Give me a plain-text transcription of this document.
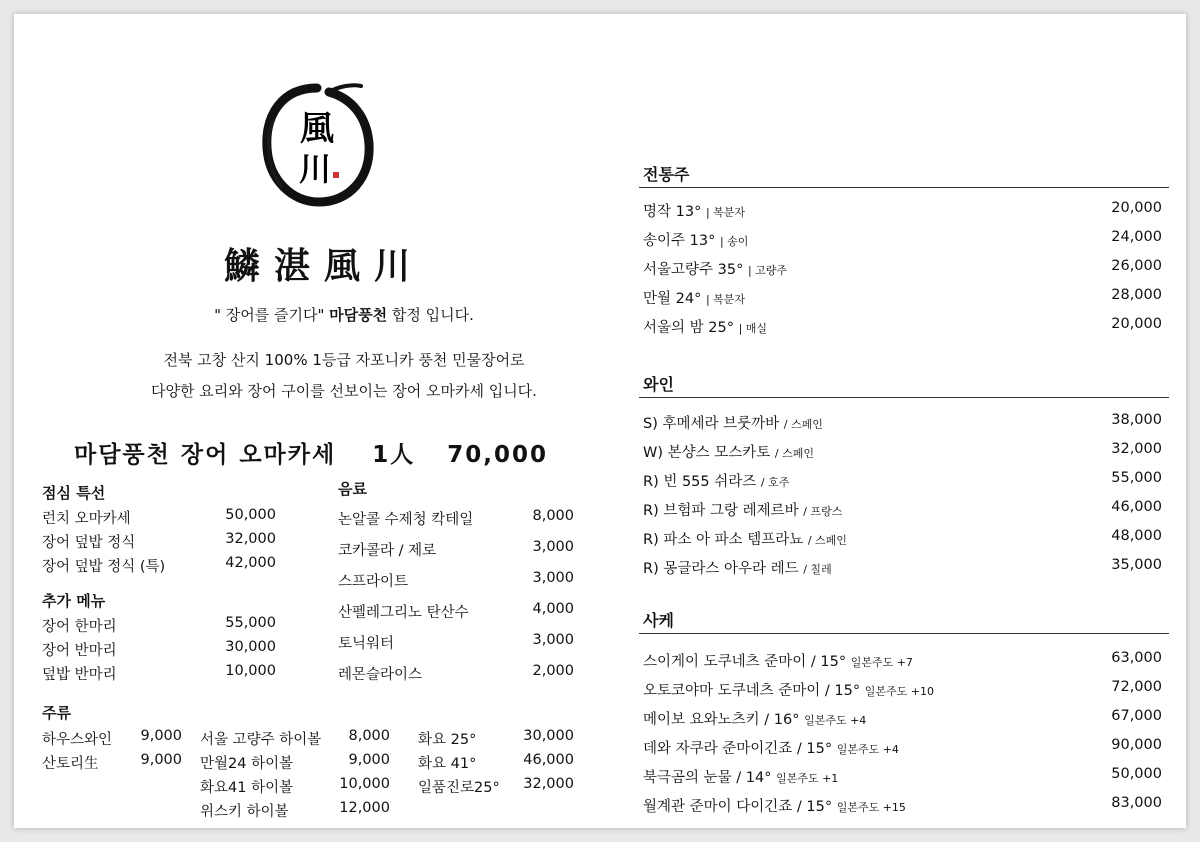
風
川
鱗湛風川
" 장어를 즐기다" 마담풍천 합정 입니다.
전북 고창 산지 100% 1등급 자포니카 풍천 민물장어로
다양한 요리와 장어 구이를 선보이는 장어 오마카세 입니다.
마담풍천 장어 오마카세 1人 70,000
점심 특선
런치 오마카세	50,000
장어 덮밥 정식	32,000
장어 덮밥 정식 (특)	42,000
추가 메뉴
장어 한마리	55,000
장어 반마리	30,000
덮밥 반마리	10,000
음료
논알콜 수제청 칵테일	8,000
코카콜라 / 제로	3,000
스프라이트	3,000
산펠레그리노 탄산수	4,000
토닉워터	3,000
레몬슬라이스	2,000
주류
하우스와인	9,000
산토리生	9,000
서울 고량주 하이볼	8,000
만월24 하이볼	9,000
화요41 하이볼	10,000
위스키 하이볼	12,000
화요 25°	30,000
화요 41°	46,000
일품진로25°	32,000
전통주
명작 13° | 복분자	20,000
송이주 13° | 송이	24,000
서울고량주 35° | 고량주	26,000
만월 24° | 복분자	28,000
서울의 밤 25° | 매실	20,000
와인
S) 후메세라 브룻까바 / 스페인	38,000
W) 본샹스 모스카토 / 스페인	32,000
R) 빈 555 쉬라즈 / 호주	55,000
R) 브험파 그랑 레제르바 / 프랑스	46,000
R) 파소 아 파소 템프라뇨 / 스페인	48,000
R) 몽글라스 아우라 레드 / 칠레	35,000
사케
스이게이 도쿠네츠 준마이 / 15° 일본주도 +7	63,000
오토코야마 도쿠네츠 준마이 / 15° 일본주도 +10	72,000
메이보 요와노츠키 / 16° 일본주도 +4	67,000
데와 자쿠라 준마이긴죠 / 15° 일본주도 +4	90,000
북극곰의 눈물 / 14° 일본주도 +1	50,000
월계관 준마이 다이긴죠 / 15° 일본주도 +15	83,000
